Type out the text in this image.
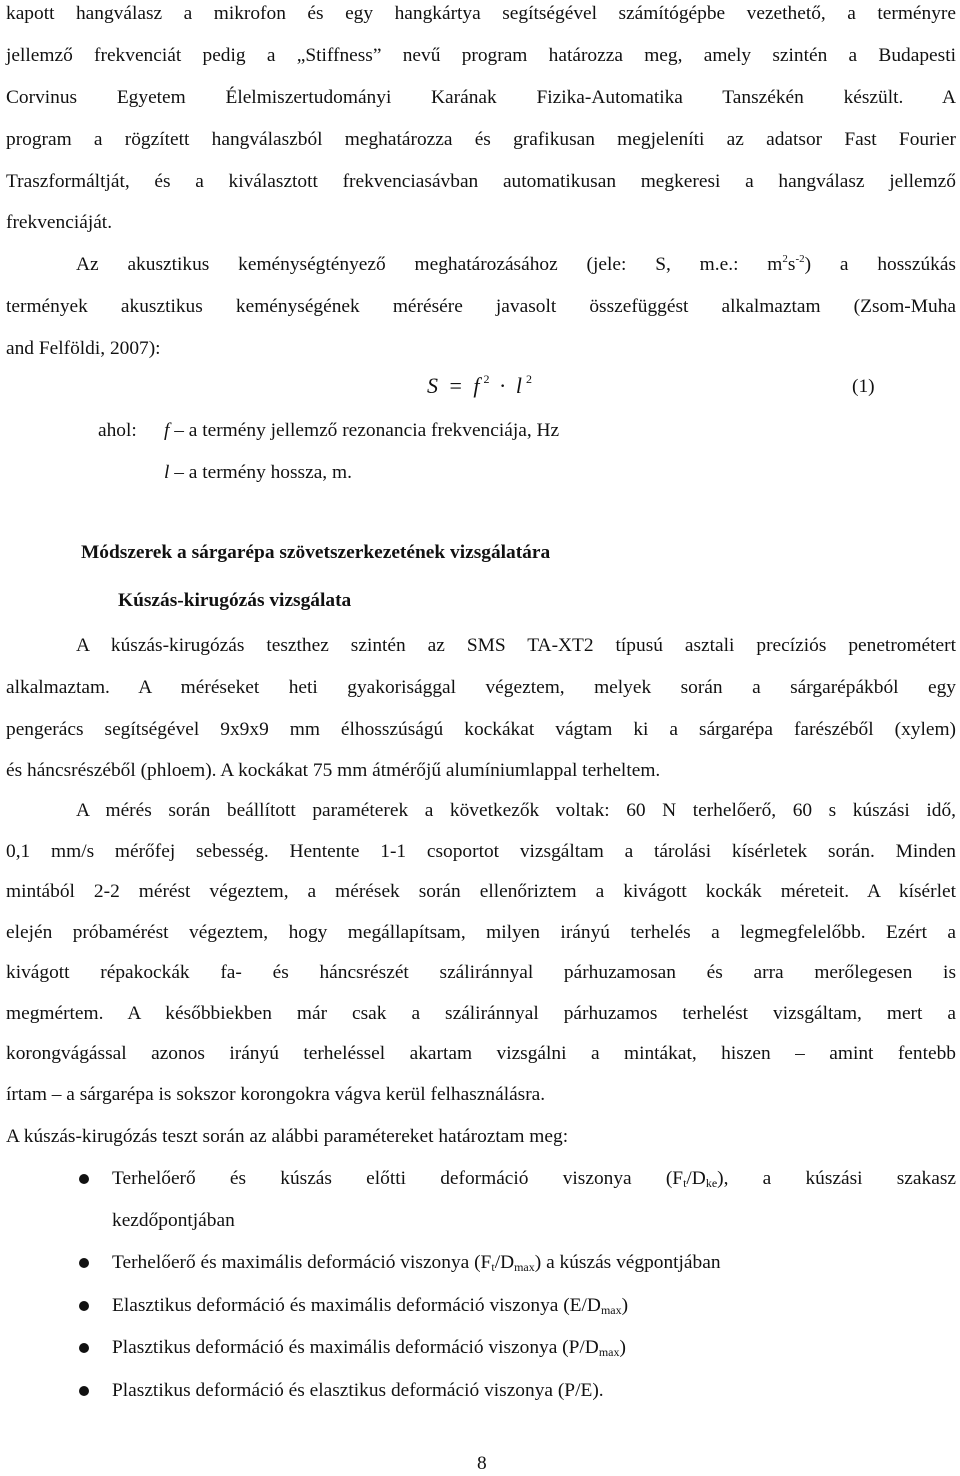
kapott hangválasz a mikrofon és egy hangkártya segítségével számítógépbe vezethető, a terményre
jellemző frekvenciát pedig a „Stiffness” nevű program határozza meg, amely szintén a Budapesti
Corvinus Egyetem Élelmiszertudományi Karának Fizika-Automatika Tanszékén készült. A
program a rögzített hangválaszból meghatározza és grafikusan megjeleníti az adatsor Fast Fourier
Traszformáltját, és a kiválasztott frekvenciasávban automatikusan megkeresi a hangválasz jellemző
frekvenciáját.
Az akusztikus keménységtényező meghatározásához (jele: S, m.e.: $m^2s^{-2}$) a hosszúkás
termények akusztikus keménységének mérésére javasolt összefüggést alkalmaztam (Zsom-Muha
and Felföldi, 2007):
S = f $^2$ · l $^2$	(1)
ahol: f – a termény jellemző rezonancia frekvenciája, Hz
l – a termény hossza, m.
Módszerek a sárgarépa szövetszerkezetének vizsgálatára
Kúszás-kirugózás vizsgálata
A kúszás-kirugózás teszthez szintén az SMS TA-XT2 típusú asztali precíziós penetrométert
alkalmaztam. A méréseket heti gyakorisággal végeztem, melyek során a sárgarépákból egy
pengerács segítségével 9x9x9 mm élhosszúságú kockákat vágtam ki a sárgarépa farészéből (xylem)
és háncsrészéből (phloem). A kockákat 75 mm átmérőjű alumíniumlappal terheltem.
A mérés során beállított paraméterek a következők voltak: 60 N terhelőerő, 60 s kúszási idő,
0,1 mm/s mérőfej sebesség. Hentente 1-1 csoportot vizsgáltam a tárolási kísérletek során. Minden
mintából 2-2 mérést végeztem, a mérések során ellenőriztem a kivágott kockák méreteit. A kísérlet
elején próbamérést végeztem, hogy megállapítsam, milyen irányú terhelés a legmegfelelőbb. Ezért a
kivágott répakockák fa- és háncsrészét száliránnyal párhuzamosan és arra merőlegesen is
megmértem. A későbbiekben már csak a száliránnyal párhuzamos terhelést vizsgáltam, mert a
korongvágással azonos irányú terheléssel akartam vizsgálni a mintákat, hiszen – amint fentebb
írtam – a sárgarépa is sokszor korongokra vágva kerül felhasználásra.
A kúszás-kirugózás teszt során az alábbi paramétereket határoztam meg:
Terhelőerő és kúszás előtti deformáció viszonya $(F_t/D_{ke})$, a kúszási szakasz
kezdőpontjában
Terhelőerő és maximális deformáció viszonya $(F_t/D_{max})$ a kúszás végpontjában
Elasztikus deformáció és maximális deformáció viszonya $(E/D_{max})$
Plasztikus deformáció és maximális deformáció viszonya $(P/D_{max})$
Plasztikus deformáció és elasztikus deformáció viszonya (P/E).
8
